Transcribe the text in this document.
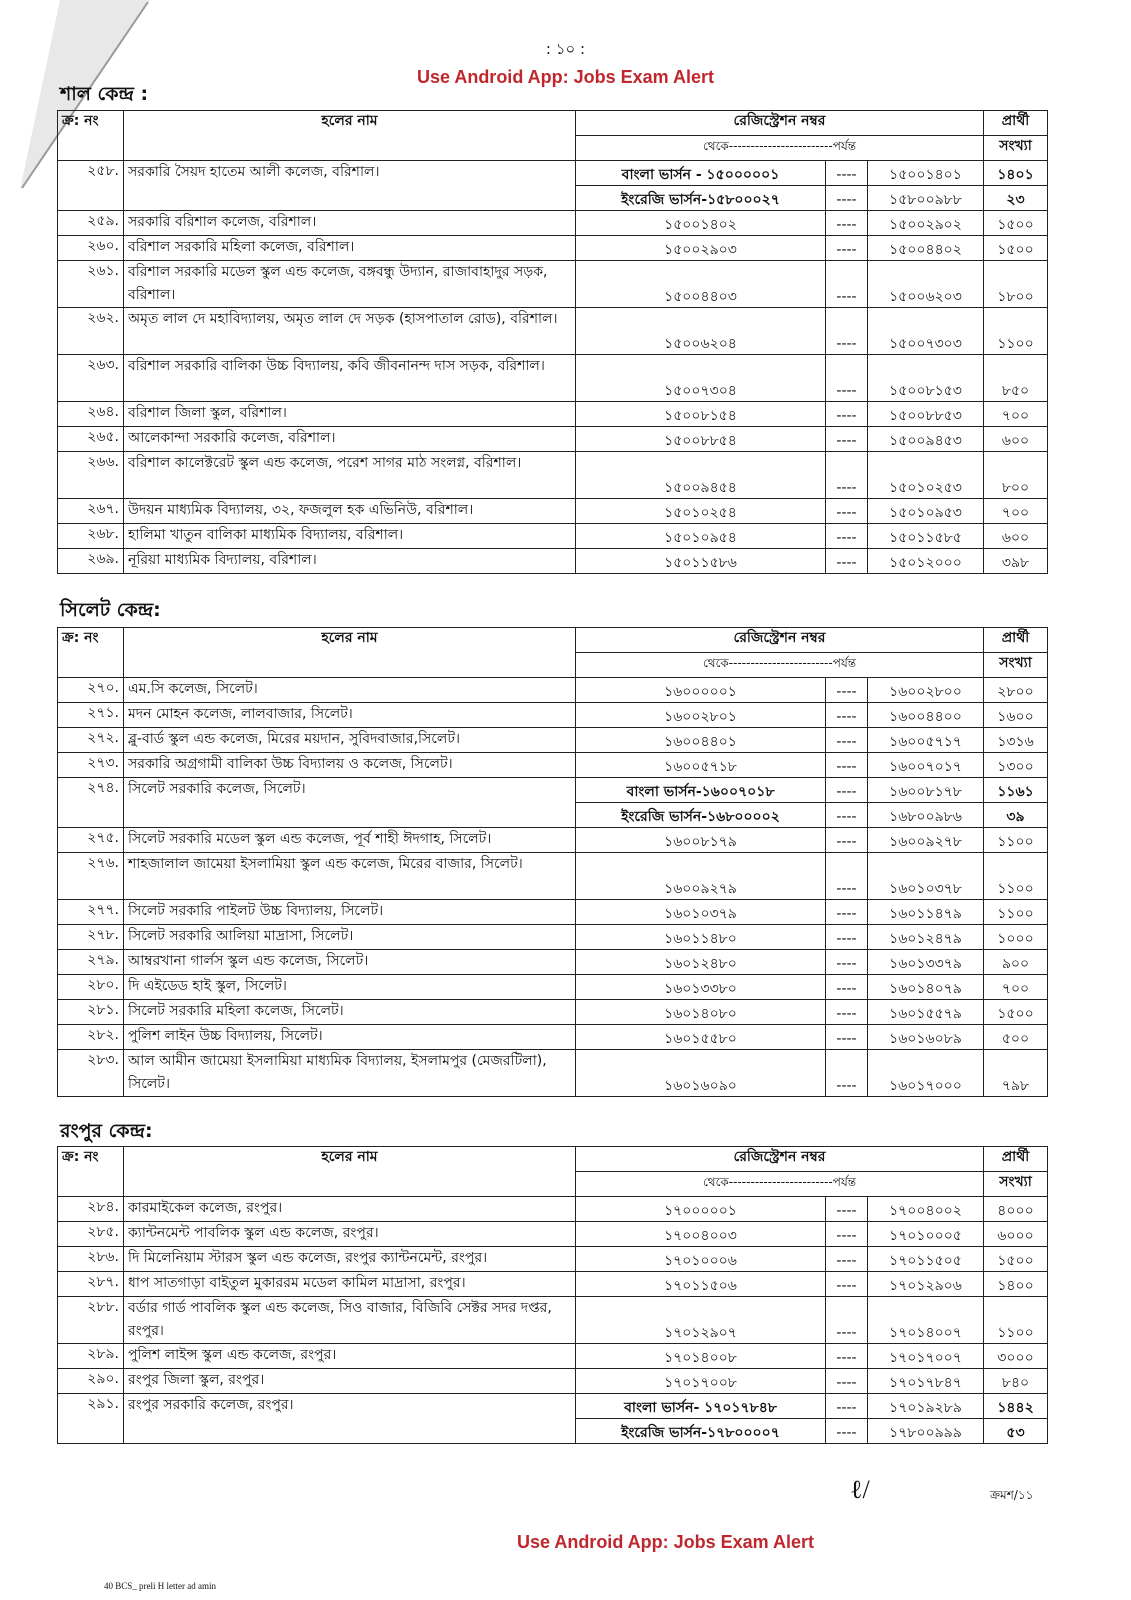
: ১০ :
Use Android App: Jobs Exam Alert
শাল কেন্দ্র :
ক্র: নং	হলের নাম	রেজিস্ট্রেশন নম্বর			প্রার্থী
		থেকে------------------------পর্যন্ত			সংখ্যা
২৫৮.	সরকারি সৈয়দ হাতেম আলী কলেজ, বরিশাল।	বাংলা ভার্সন - ১৫০০০০০১	----	১৫০০১৪০১	১৪০১
		ইংরেজি ভার্সন-১৫৮০০০২৭	----	১৫৮০০৯৮৮	২৩
২৫৯.	সরকারি বরিশাল কলেজ, বরিশাল।	১৫০০১৪০২	----	১৫০০২৯০২	১৫০০
২৬০.	বরিশাল সরকারি মহিলা কলেজ, বরিশাল।	১৫০০২৯০৩	----	১৫০০৪৪০২	১৫০০
২৬১.	বরিশাল সরকারি মডেল স্কুল এন্ড কলেজ, বঙ্গবন্ধু উদ্যান, রাজাবাহাদুর সড়ক, বরিশাল।	১৫০০৪৪০৩	----	১৫০০৬২০৩	১৮০০
২৬২.	অমৃত লাল দে মহাবিদ্যালয়, অমৃত লাল দে সড়ক (হাসপাতাল রোড), বরিশাল।	১৫০০৬২০৪	----	১৫০০৭৩০৩	১১০০
২৬৩.	বরিশাল সরকারি বালিকা উচ্চ বিদ্যালয়, কবি জীবনানন্দ দাস সড়ক, বরিশাল।	১৫০০৭৩০৪	----	১৫০০৮১৫৩	৮৫০
২৬৪.	বরিশাল জিলা স্কুল, বরিশাল।	১৫০০৮১৫৪	----	১৫০০৮৮৫৩	৭০০
২৬৫.	আলেকান্দা সরকারি কলেজ, বরিশাল।	১৫০০৮৮৫৪	----	১৫০০৯৪৫৩	৬০০
২৬৬.	বরিশাল কালেক্টরেট স্কুল এন্ড কলেজ, পরেশ সাগর মাঠ সংলগ্ন, বরিশাল।	১৫০০৯৪৫৪	----	১৫০১০২৫৩	৮০০
২৬৭.	উদয়ন মাধ্যমিক বিদ্যালয়, ৩২, ফজলুল হক এভিনিউ, বরিশাল।	১৫০১০২৫৪	----	১৫০১০৯৫৩	৭০০
২৬৮.	হালিমা খাতুন বালিকা মাধ্যমিক বিদ্যালয়, বরিশাল।	১৫০১০৯৫৪	----	১৫০১১৫৮৫	৬০০
২৬৯.	নূরিয়া মাধ্যমিক বিদ্যালয়, বরিশাল।	১৫০১১৫৮৬	----	১৫০১২০০০	৩৯৮
সিলেট কেন্দ্র:
ক্র: নং	হলের নাম	রেজিস্ট্রেশন নম্বর			প্রার্থী
		থেকে------------------------পর্যন্ত			সংখ্যা
২৭০.	এম.সি কলেজ, সিলেট।	১৬০০০০০১	----	১৬০০২৮০০	২৮০০
২৭১.	মদন মোহন কলেজ, লালবাজার, সিলেট।	১৬০০২৮০১	----	১৬০০৪৪০০	১৬০০
২৭২.	ব্লু-বার্ড স্কুল এন্ড কলেজ, মিরের ময়দান, সুবিদবাজার,সিলেট।	১৬০০৪৪০১	----	১৬০০৫৭১৭	১৩১৬
২৭৩.	সরকারি অগ্রগামী বালিকা উচ্চ বিদ্যালয় ও কলেজ, সিলেট।	১৬০০৫৭১৮	----	১৬০০৭০১৭	১৩০০
২৭৪.	সিলেট সরকারি কলেজ, সিলেট।	বাংলা ভার্সন-১৬০০৭০১৮	----	১৬০০৮১৭৮	১১৬১
		ইংরেজি ভার্সন-১৬৮০০০০২	----	১৬৮০০৯৮৬	৩৯
২৭৫.	সিলেট সরকারি মডেল স্কুল এন্ড কলেজ, পূর্ব শাহী ঈদগাহ, সিলেট।	১৬০০৮১৭৯	----	১৬০০৯২৭৮	১১০০
২৭৬.	শাহজালাল জামেয়া ইসলামিয়া স্কুল এন্ড কলেজ, মিরের বাজার, সিলেট।	১৬০০৯২৭৯	----	১৬০১০৩৭৮	১১০০
২৭৭.	সিলেট সরকারি পাইলট উচ্চ বিদ্যালয়, সিলেট।	১৬০১০৩৭৯	----	১৬০১১৪৭৯	১১০০
২৭৮.	সিলেট সরকারি আলিয়া মাদ্রাসা, সিলেট।	১৬০১১৪৮০	----	১৬০১২৪৭৯	১০০০
২৭৯.	আম্বরখানা গার্লস স্কুল এন্ড কলেজ, সিলেট।	১৬০১২৪৮০	----	১৬০১৩৩৭৯	৯০০
২৮০.	দি এইডেড হাই স্কুল, সিলেট।	১৬০১৩৩৮০	----	১৬০১৪০৭৯	৭০০
২৮১.	সিলেট সরকারি মহিলা কলেজ, সিলেট।	১৬০১৪০৮০	----	১৬০১৫৫৭৯	১৫০০
২৮২.	পুলিশ লাইন উচ্চ বিদ্যালয়, সিলেট।	১৬০১৫৫৮০	----	১৬০১৬০৮৯	৫০০
২৮৩.	আল আমীন জামেয়া ইসলামিয়া মাধ্যমিক বিদ্যালয়, ইসলামপুর (মেজরটিলা), সিলেট।	১৬০১৬০৯০	----	১৬০১৭০০০	৭৯৮
রংপুর কেন্দ্র:
ক্র: নং	হলের নাম	রেজিস্ট্রেশন নম্বর			প্রার্থী
		থেকে------------------------পর্যন্ত			সংখ্যা
২৮৪.	কারমাইকেল কলেজ, রংপুর।	১৭০০০০০১	----	১৭০০৪০০২	৪০০০
২৮৫.	ক্যান্টনমেন্ট পাবলিক স্কুল এন্ড কলেজ, রংপুর।	১৭০০৪০০৩	----	১৭০১০০০৫	৬০০০
২৮৬.	দি মিলেনিয়াম স্টারস স্কুল এন্ড কলেজ, রংপুর ক্যান্টনমেন্ট, রংপুর।	১৭০১০০০৬	----	১৭০১১৫০৫	১৫০০
২৮৭.	ধাপ সাতগাড়া বাইতুল মুকাররম মডেল কামিল মাদ্রাসা, রংপুর।	১৭০১১৫০৬	----	১৭০১২৯০৬	১৪০০
২৮৮.	বর্ডার গার্ড পাবলিক স্কুল এন্ড কলেজ, সিও বাজার, বিজিবি সেক্টর সদর দপ্তর, রংপুর।	১৭০১২৯০৭	----	১৭০১৪০০৭	১১০০
২৮৯.	পুলিশ লাইন্স স্কুল এন্ড কলেজ, রংপুর।	১৭০১৪০০৮	----	১৭০১৭০০৭	৩০০০
২৯০.	রংপুর জিলা স্কুল, রংপুর।	১৭০১৭০০৮	----	১৭০১৭৮৪৭	৮৪০
২৯১.	রংপুর সরকারি কলেজ, রংপুর।	বাংলা ভার্সন- ১৭০১৭৮৪৮	----	১৭০১৯২৮৯	১৪৪২
		ইংরেজি ভার্সন-১৭৮০০০০৭	----	১৭৮০০৯৯৯	৫৩
ℓ/	ক্রমশ/১১
Use Android App: Jobs Exam Alert
40 BCS_ preli H letter ad amin
